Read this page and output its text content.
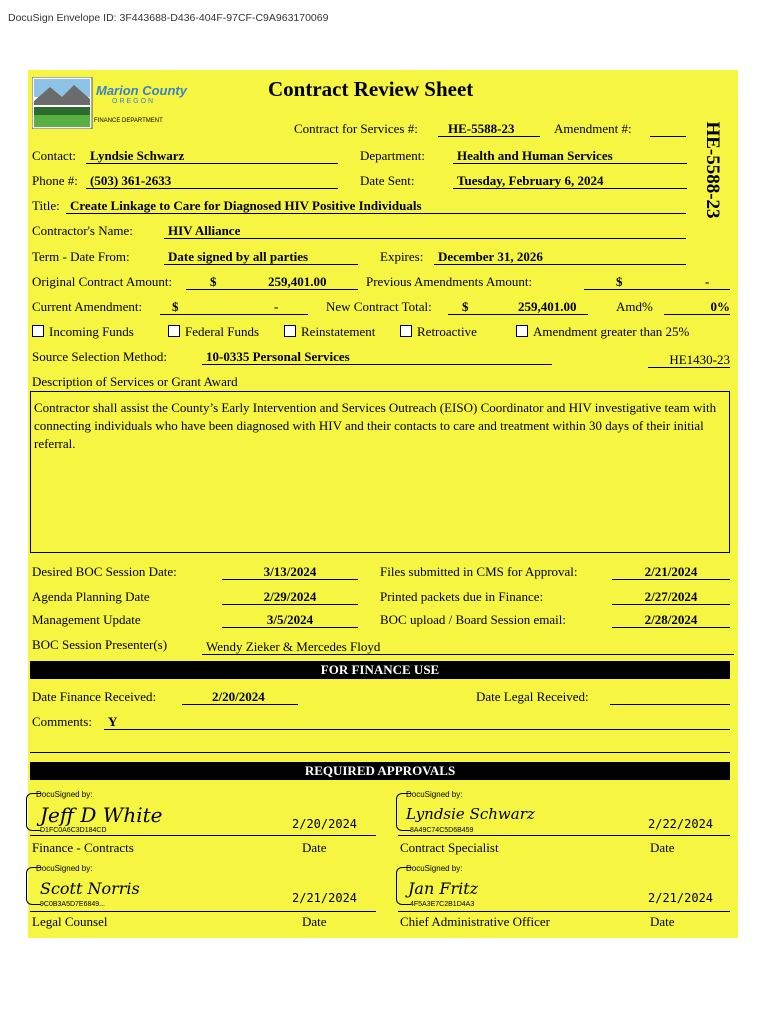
DocuSign Envelope ID: 3F443688-D436-404F-97CF-C9A963170069
Marion County
OREGON
FINANCE DEPARTMENT
Contract Review Sheet
HE-5588-23
Contract for Services #:	HE-5588-23	Amendment #:
Contact:	Lyndsie Schwarz	Department:	Health and Human Services
Phone #: (503) 361-2633	Date Sent:	Tuesday, February 6, 2024
Title: Create Linkage to Care for Diagnosed HIV Positive Individuals
Contractor's Name:	HIV Alliance
Term - Date From:	Date signed by all parties	Expires:	December 31, 2026
Original Contract Amount:	$	259,401.00	Previous Amendments Amount:	$	-
Current Amendment: $	-	New Contract Total: $	259,401.00	Amd%	0%
Incoming Funds	Federal Funds	Reinstatement	Retroactive	Amendment greater than 25%
Source Selection Method:	10-0335 Personal Services	HE1430-23
Description of Services or Grant Award
Contractor shall assist the County’s Early Intervention and Services Outreach (EISO) Coordinator and HIV investigative team with connecting individuals who have been diagnosed with HIV and their contacts to care and treatment within 30 days of their initial referral.
Desired BOC Session Date:	3/13/2024
Agenda Planning Date	2/29/2024
Management Update	3/5/2024
Files submitted in CMS for Approval:	2/21/2024
Printed packets due in Finance:	2/27/2024
BOC upload / Board Session email:	2/28/2024
BOC Session Presenter(s)	Wendy Zieker & Mercedes Floyd
FOR FINANCE USE
Date Finance Received:	2/20/2024	Date Legal Received:
Comments:	Y
REQUIRED APPROVALS
DocuSigned by:
Jeff D White
D1FC0A6C3D184CD	2/20/2024
Finance - Contracts	Date
DocuSigned by:
Lyndsie Schwarz
8A49C74C5D6B459	2/22/2024
Contract Specialist	Date
DocuSigned by:
Scott Norris
9C0B3A5D7E6849...	2/21/2024
Legal Counsel	Date
DocuSigned by:
Jan Fritz
4F5A3E7C2B1D4A3	2/21/2024
Chief Administrative Officer	Date
